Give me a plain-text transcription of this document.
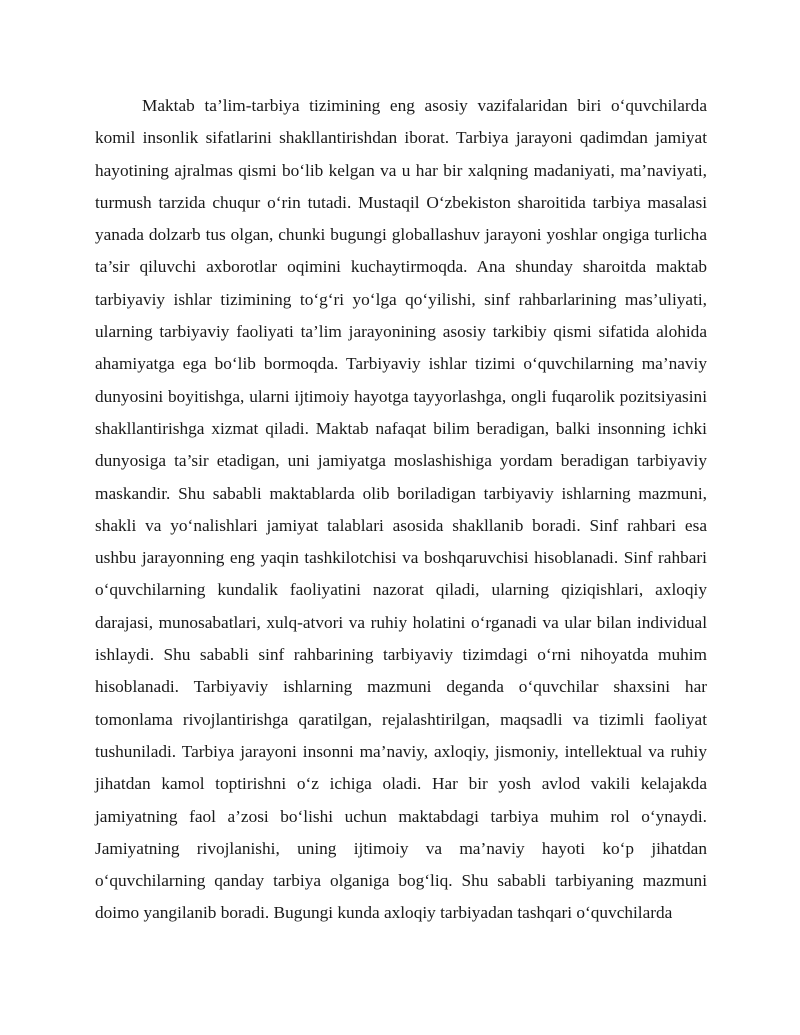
Maktab ta’lim-tarbiya tizimining eng asosiy vazifalaridan biri o‘quvchilarda komil insonlik sifatlarini shakllantirishdan iborat. Tarbiya jarayoni qadimdan jamiyat hayotining ajralmas qismi bo‘lib kelgan va u har bir xalqning madaniyati, ma’naviyati, turmush tarzida chuqur o‘rin tutadi. Mustaqil O‘zbekiston sharoitida tarbiya masalasi yanada dolzarb tus olgan, chunki bugungi globallashuv jarayoni yoshlar ongiga turlicha ta’sir qiluvchi axborotlar oqimini kuchaytirmoqda. Ana shunday sharoitda maktab tarbiyaviy ishlar tizimining to‘g‘ri yo‘lga qo‘yilishi, sinf rahbarlarining mas’uliyati, ularning tarbiyaviy faoliyati ta’lim jarayonining asosiy tarkibiy qismi sifatida alohida ahamiyatga ega bo‘lib bormoqda. Tarbiyaviy ishlar tizimi o‘quvchilarning ma’naviy dunyosini boyitishga, ularni ijtimoiy hayotga tayyorlashga, ongli fuqarolik pozitsiyasini shakllantirishga xizmat qiladi. Maktab nafaqat bilim beradigan, balki insonning ichki dunyosiga ta’sir etadigan, uni jamiyatga moslashishiga yordam beradigan tarbiyaviy maskandir. Shu sababli maktablarda olib boriladigan tarbiyaviy ishlarning mazmuni, shakli va yo‘nalishlari jamiyat talablari asosida shakllanib boradi. Sinf rahbari esa ushbu jarayonning eng yaqin tashkilotchisi va boshqaruvchisi hisoblanadi. Sinf rahbari o‘quvchilarning kundalik faoliyatini nazorat qiladi, ularning qiziqishlari, axloqiy darajasi, munosabatlari, xulq-atvori va ruhiy holatini o‘rganadi va ular bilan individual ishlaydi. Shu sababli sinf rahbarining tarbiyaviy tizimdagi o‘rni nihoyatda muhim hisoblanadi. Tarbiyaviy ishlarning mazmuni deganda o‘quvchilar shaxsini har tomonlama rivojlantirishga qaratilgan, rejalashtirilgan, maqsadli va tizimli faoliyat tushuniladi. Tarbiya jarayoni insonni ma’naviy, axloqiy, jismoniy, intellektual va ruhiy jihatdan kamol toptirishni o‘z ichiga oladi. Har bir yosh avlod vakili kelajakda jamiyatning faol a’zosi bo‘lishi uchun maktabdagi tarbiya muhim rol o‘ynaydi. Jamiyatning rivojlanishi, uning ijtimoiy va ma’naviy hayoti ko‘p jihatdan o‘quvchilarning qanday tarbiya olganiga bog‘liq. Shu sababli tarbiyaning mazmuni doimo yangilanib boradi. Bugungi kunda axloqiy tarbiyadan tashqari o‘quvchilarda
